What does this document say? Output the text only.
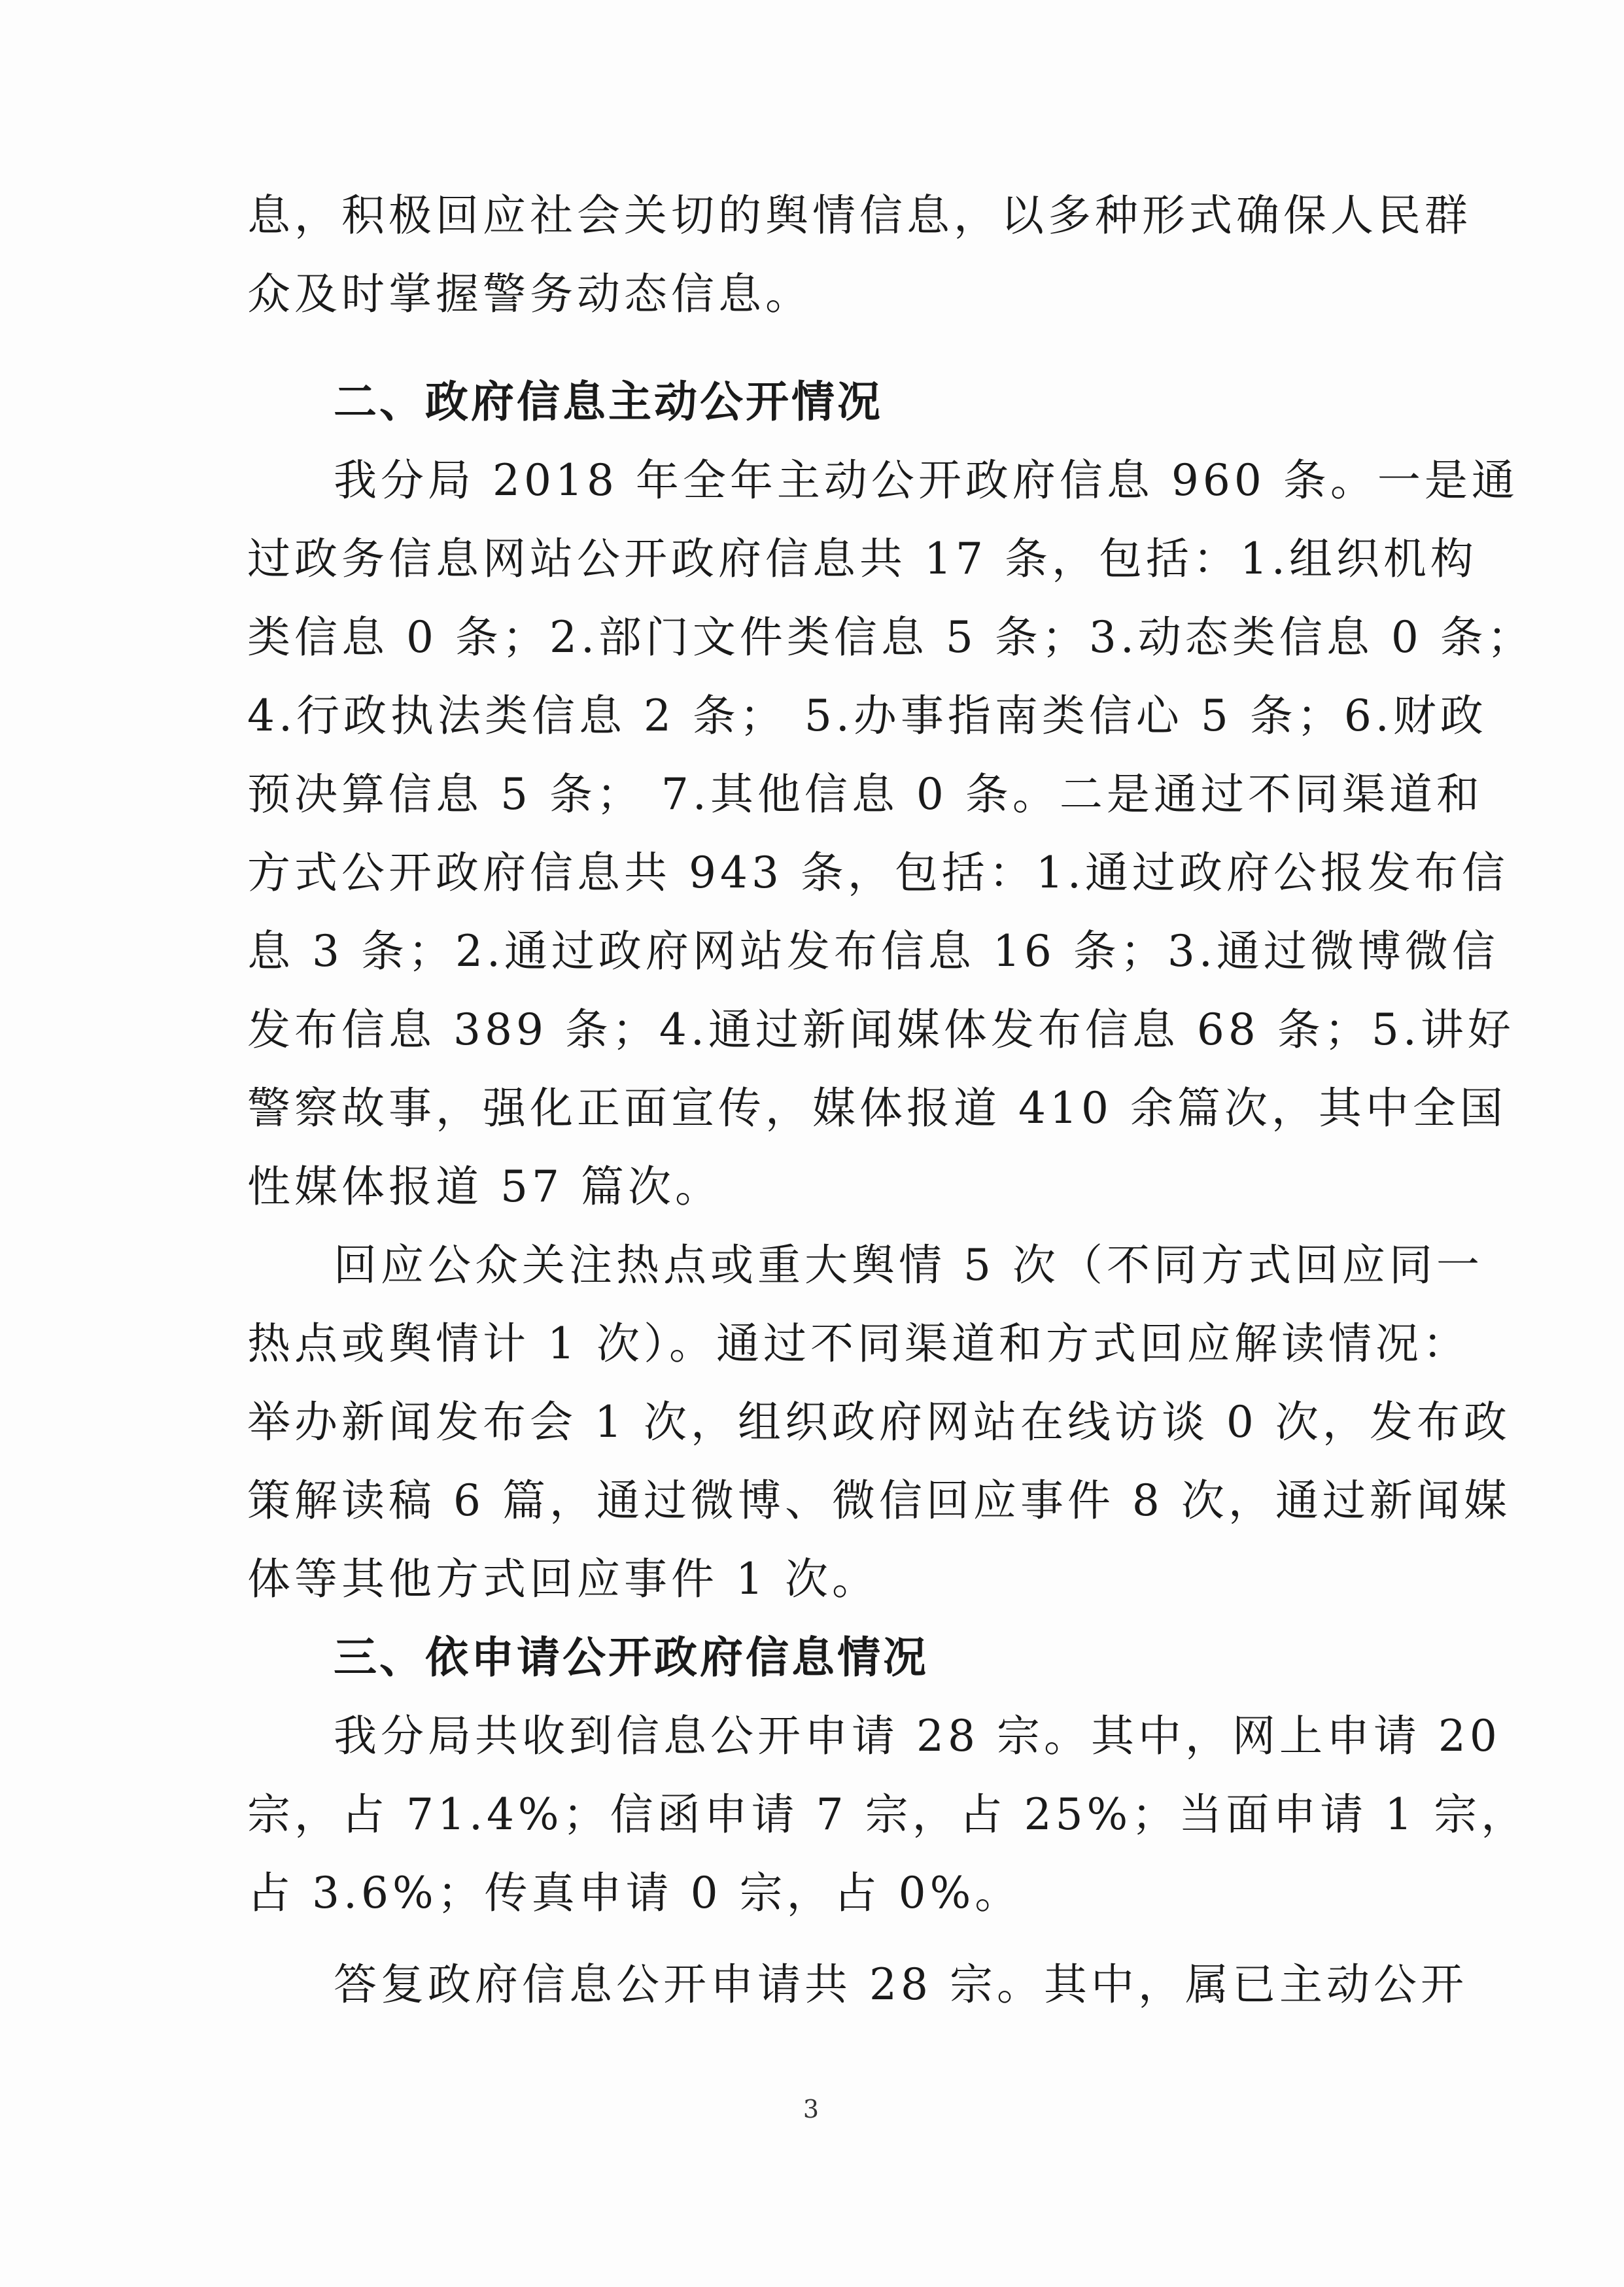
息，积极回应社会关切的舆情信息，以多种形式确保人民群
众及时掌握警务动态信息。
二、政府信息主动公开情况
我分局 2018 年全年主动公开政府信息 960 条。一是通
过政务信息网站公开政府信息共 17 条，包括：1.组织机构
类信息 0 条；2.部门文件类信息 5 条；3.动态类信息 0 条；
4.行政执法类信息 2 条； 5.办事指南类信心 5 条；6.财政
预决算信息 5 条； 7.其他信息 0 条。二是通过不同渠道和
方式公开政府信息共 943 条，包括：1.通过政府公报发布信
息 3 条；2.通过政府网站发布信息 16 条；3.通过微博微信
发布信息 389 条；4.通过新闻媒体发布信息 68 条；5.讲好
警察故事，强化正面宣传，媒体报道 410 余篇次，其中全国
性媒体报道 57 篇次。
回应公众关注热点或重大舆情 5 次（不同方式回应同一
热点或舆情计 1 次）。通过不同渠道和方式回应解读情况：
举办新闻发布会 1 次，组织政府网站在线访谈 0 次，发布政
策解读稿 6 篇，通过微博、微信回应事件 8 次，通过新闻媒
体等其他方式回应事件 1 次。
三、依申请公开政府信息情况
我分局共收到信息公开申请 28 宗。其中，网上申请 20
宗，占 71.4%；信函申请 7 宗，占 25%；当面申请 1 宗，
占 3.6%；传真申请 0 宗，占 0%。
答复政府信息公开申请共 28 宗。其中，属已主动公开
3
